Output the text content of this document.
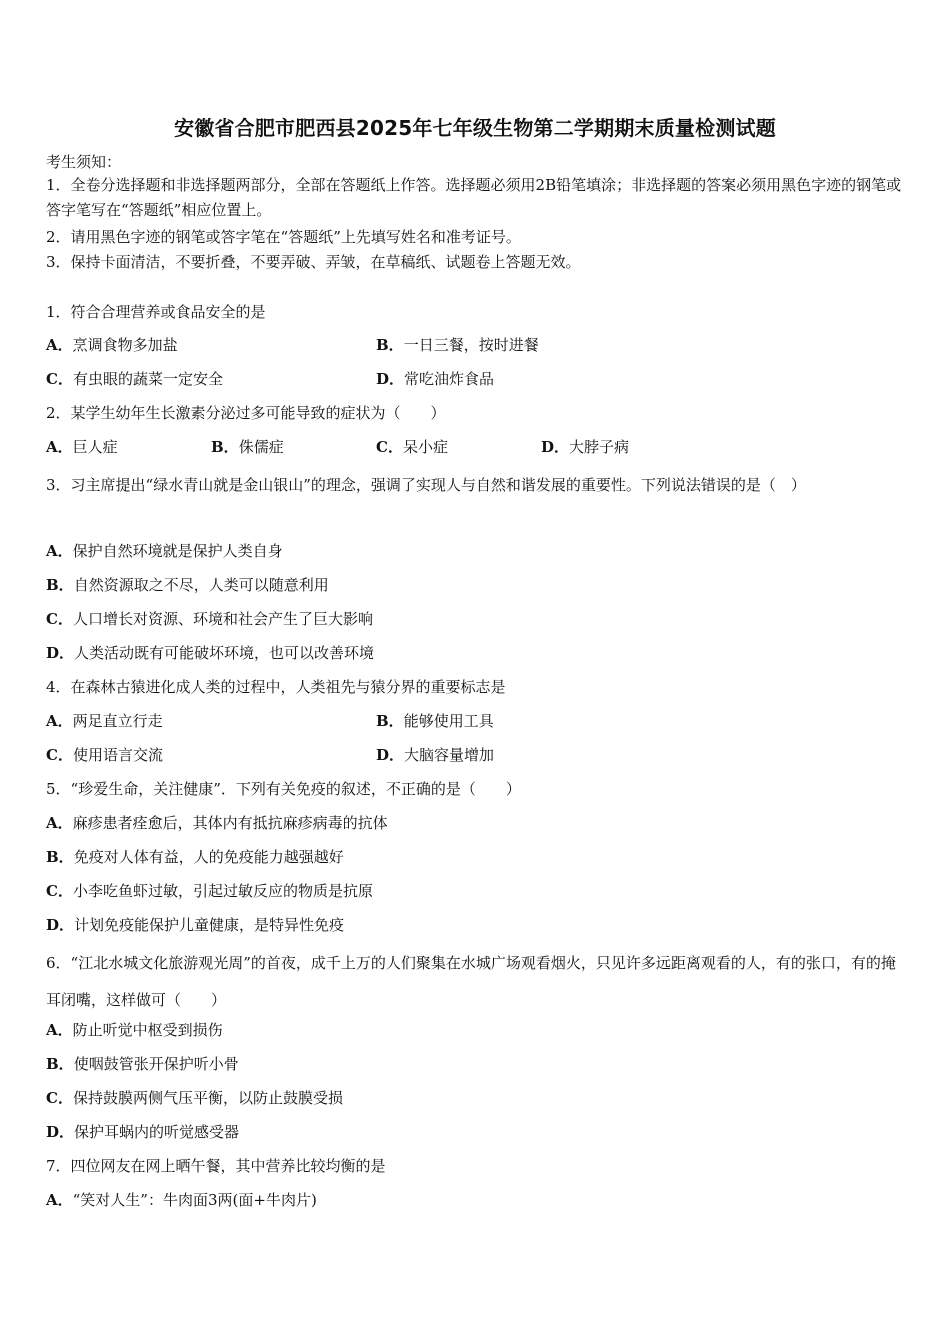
安徽省合肥市肥西县2025年七年级生物第二学期期末质量检测试题
考生须知：
1．全卷分选择题和非选择题两部分，全部在答题纸上作答。选择题必须用2B铅笔填涂；非选择题的答案必须用黑色字迹的钢笔或答字笔写在“答题纸”相应位置上。
2．请用黑色字迹的钢笔或答字笔在“答题纸”上先填写姓名和准考证号。
3．保持卡面清洁，不要折叠，不要弄破、弄皱，在草稿纸、试题卷上答题无效。
1．符合合理营养或食品安全的是
A．烹调食物多加盐	B．一日三餐，按时进餐
C．有虫眼的蔬菜一定安全	D．常吃油炸食品
2．某学生幼年生长激素分泌过多可能导致的症状为（　　）
A．巨人症	B．侏儒症	C．呆小症	D．大脖子病
3．习主席提出“绿水青山就是金山银山”的理念，强调了实现人与自然和谐发展的重要性。下列说法错误的是（　）
A．保护自然环境就是保护人类自身
B．自然资源取之不尽，人类可以随意利用
C．人口增长对资源、环境和社会产生了巨大影响
D．人类活动既有可能破坏环境，也可以改善环境
4．在森林古猿进化成人类的过程中，人类祖先与猿分界的重要标志是
A．两足直立行走	B．能够使用工具
C．使用语言交流	D．大脑容量增加
5．“珍爱生命，关注健康”．下列有关免疫的叙述，不正确的是（　　）
A．麻疹患者痊愈后，其体内有抵抗麻疹病毒的抗体
B．免疫对人体有益，人的免疫能力越强越好
C．小李吃鱼虾过敏，引起过敏反应的物质是抗原
D．计划免疫能保护儿童健康，是特异性免疫
6．“江北水城文化旅游观光周”的首夜，成千上万的人们聚集在水城广场观看烟火，只见许多远距离观看的人，有的张口，有的掩耳闭嘴，这样做可（　　）
A．防止听觉中枢受到损伤
B．使咽鼓管张开保护听小骨
C．保持鼓膜两侧气压平衡，以防止鼓膜受损
D．保护耳蜗内的听觉感受器
7．四位网友在网上晒午餐，其中营养比较均衡的是
A．“笑对人生”：牛肉面3两(面+牛肉片)
